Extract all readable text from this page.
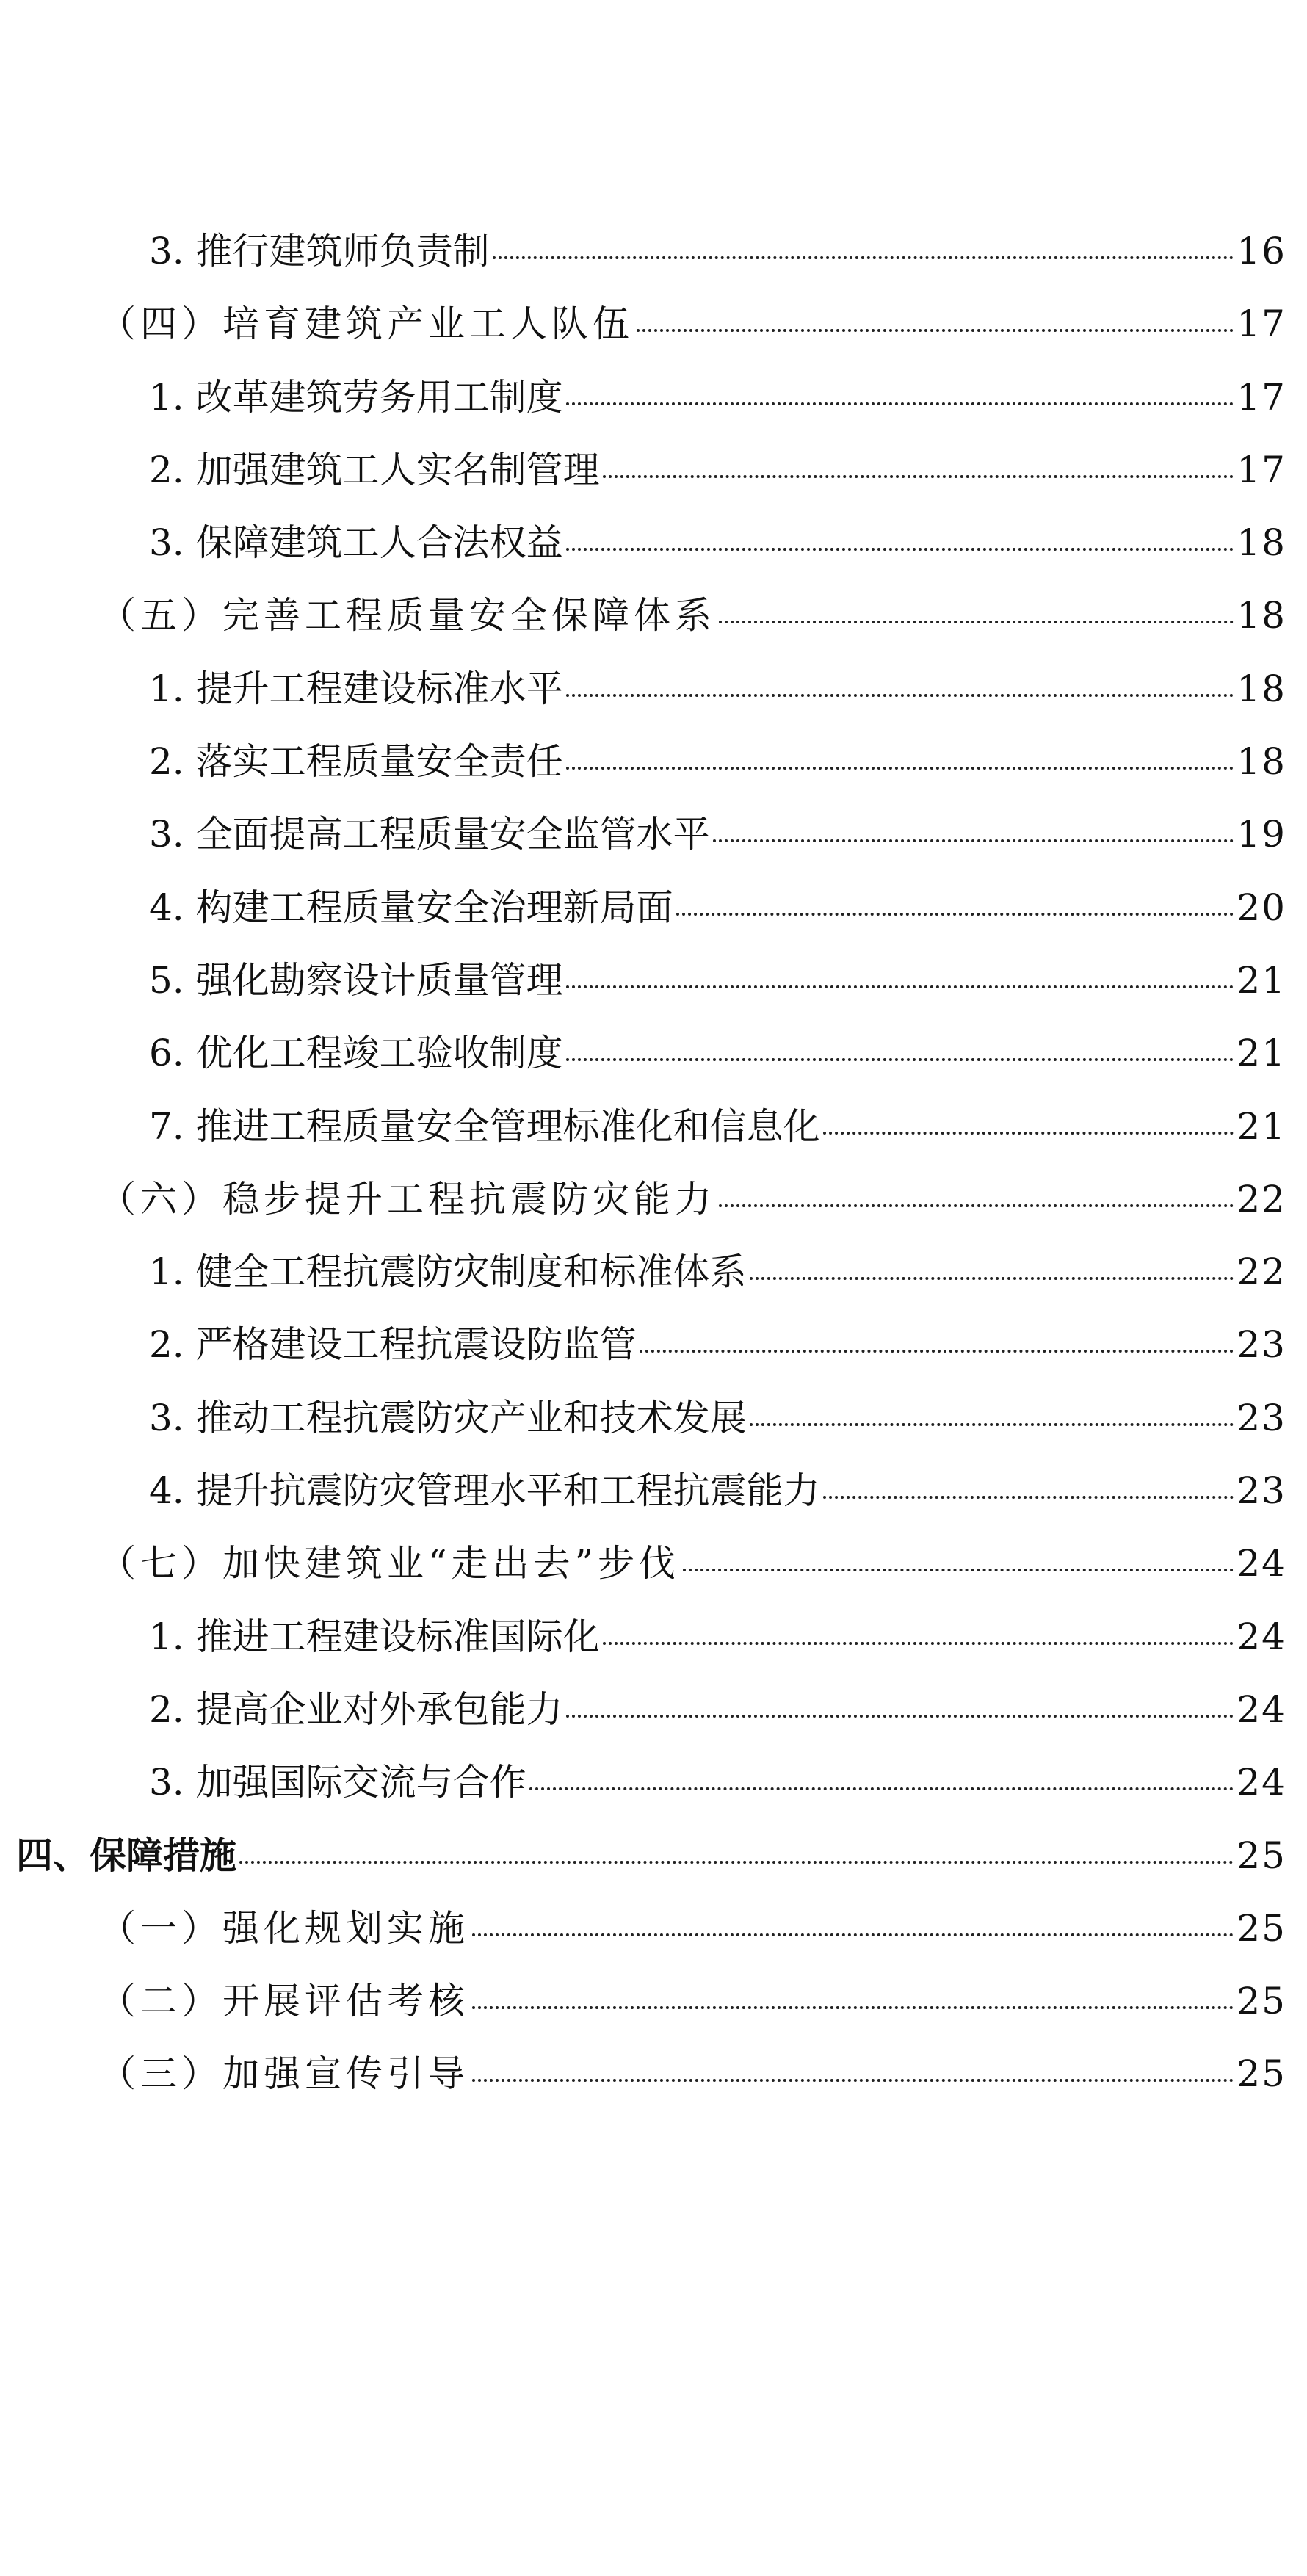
3. 推行建筑师负责制	16
（四）培育建筑产业工人队伍	17
1. 改革建筑劳务用工制度	17
2. 加强建筑工人实名制管理	17
3. 保障建筑工人合法权益	18
（五）完善工程质量安全保障体系	18
1. 提升工程建设标准水平	18
2. 落实工程质量安全责任	18
3. 全面提高工程质量安全监管水平	19
4. 构建工程质量安全治理新局面	20
5. 强化勘察设计质量管理	21
6. 优化工程竣工验收制度	21
7. 推进工程质量安全管理标准化和信息化	21
（六）稳步提升工程抗震防灾能力	22
1. 健全工程抗震防灾制度和标准体系	22
2. 严格建设工程抗震设防监管	23
3. 推动工程抗震防灾产业和技术发展	23
4. 提升抗震防灾管理水平和工程抗震能力	23
（七）加快建筑业“走出去”步伐	24
1. 推进工程建设标准国际化	24
2. 提高企业对外承包能力	24
3. 加强国际交流与合作	24
四、保障措施	25
（一）强化规划实施	25
（二）开展评估考核	25
（三）加强宣传引导	25
